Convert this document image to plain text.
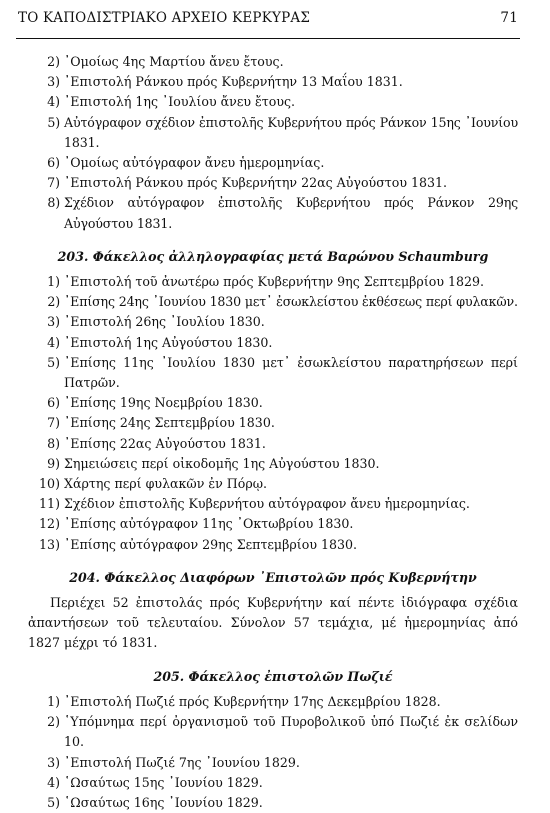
ΤΟ ΚΑΠΟΔΙΣΤΡΙΑΚΟ ΑΡΧΕΙΟ ΚΕΡΚΥΡΑΣ	71
2) ᾿Ομοίως 4ης Μαρτίου ἄνευ ἔτους.
3) ᾿Επιστολή Ράνκου πρός Κυβερνήτην 13 Μαΐου 1831.
4) ᾿Επιστολή 1ης ᾿Ιουλίου ἄνευ ἔτους.
5) Αὐτόγραφον σχέδιον ἐπιστολῆς Κυβερνήτου πρός Ράνκον 15ης ᾿Ιουνίου 1831.
6) ᾿Ομοίως αὐτόγραφον ἄνευ ἡμερομηνίας.
7) ᾿Επιστολή Ράνκου πρός Κυβερνήτην 22ας Αὐγούστου 1831.
8) Σχέδιον αὐτόγραφον ἐπιστολῆς Κυβερνήτου πρός Ράνκον 29ης Αὐγούστου 1831.
203. Φάκελλος ἀλληλογραφίας μετά Βαρώνου Schaumburg
1) ᾿Επιστολή τοῦ ἀνωτέρω πρός Κυβερνήτην 9ης Σεπτεμβρίου 1829.
2) ᾿Επίσης 24ης ᾿Ιουνίου 1830 μετ᾿ ἐσωκλείστου ἐκθέσεως περί φυλακῶν.
3) ᾿Επιστολή 26ης ᾿Ιουλίου 1830.
4) ᾿Επιστολή 1ης Αὐγούστου 1830.
5) ᾿Επίσης 11ης ᾿Ιουλίου 1830 μετ᾿ ἐσωκλείστου παρατηρήσεων περί Πατρῶν.
6) ᾿Επίσης 19ης Νοεμβρίου 1830.
7) ᾿Επίσης 24ης Σεπτεμβρίου 1830.
8) ᾿Επίσης 22ας Αὐγούστου 1831.
9) Σημειώσεις περί οἰκοδομῆς 1ης Αὐγούστου 1830.
10) Χάρτης περί φυλακῶν ἐν Πόρῳ.
11) Σχέδιον ἐπιστολῆς Κυβερνήτου αὐτόγραφον ἄνευ ἡμερομηνίας.
12) ᾿Επίσης αὐτόγραφον 11ης ᾿Οκτωβρίου 1830.
13) ᾿Επίσης αὐτόγραφον 29ης Σεπτεμβρίου 1830.
204. Φάκελλος Διαφόρων ᾿Επιστολῶν πρός Κυβερνήτην
Περιέχει 52 ἐπιστολάς πρός Κυβερνήτην καί πέντε ἰδιόγραφα σχέδια ἀπαντήσεων τοῦ τελευταίου. Σύνολον 57 τεμάχια, μέ ἡμερομηνίας ἀπό 1827 μέχρι τό 1831.
205. Φάκελλος ἐπιστολῶν Πωζιέ
1) ᾿Επιστολή Πωζιέ πρός Κυβερνήτην 17ης Δεκεμβρίου 1828.
2) ῾Υπόμνημα περί ὀργανισμοῦ τοῦ Πυροβολικοῦ ὑπό Πωζιέ ἐκ σελίδων 10.
3) ᾿Επιστολή Πωζιέ 7ης ᾿Ιουνίου 1829.
4) ῾Ωσαύτως 15ης ᾿Ιουνίου 1829.
5) ῾Ωσαύτως 16ης ᾿Ιουνίου 1829.
